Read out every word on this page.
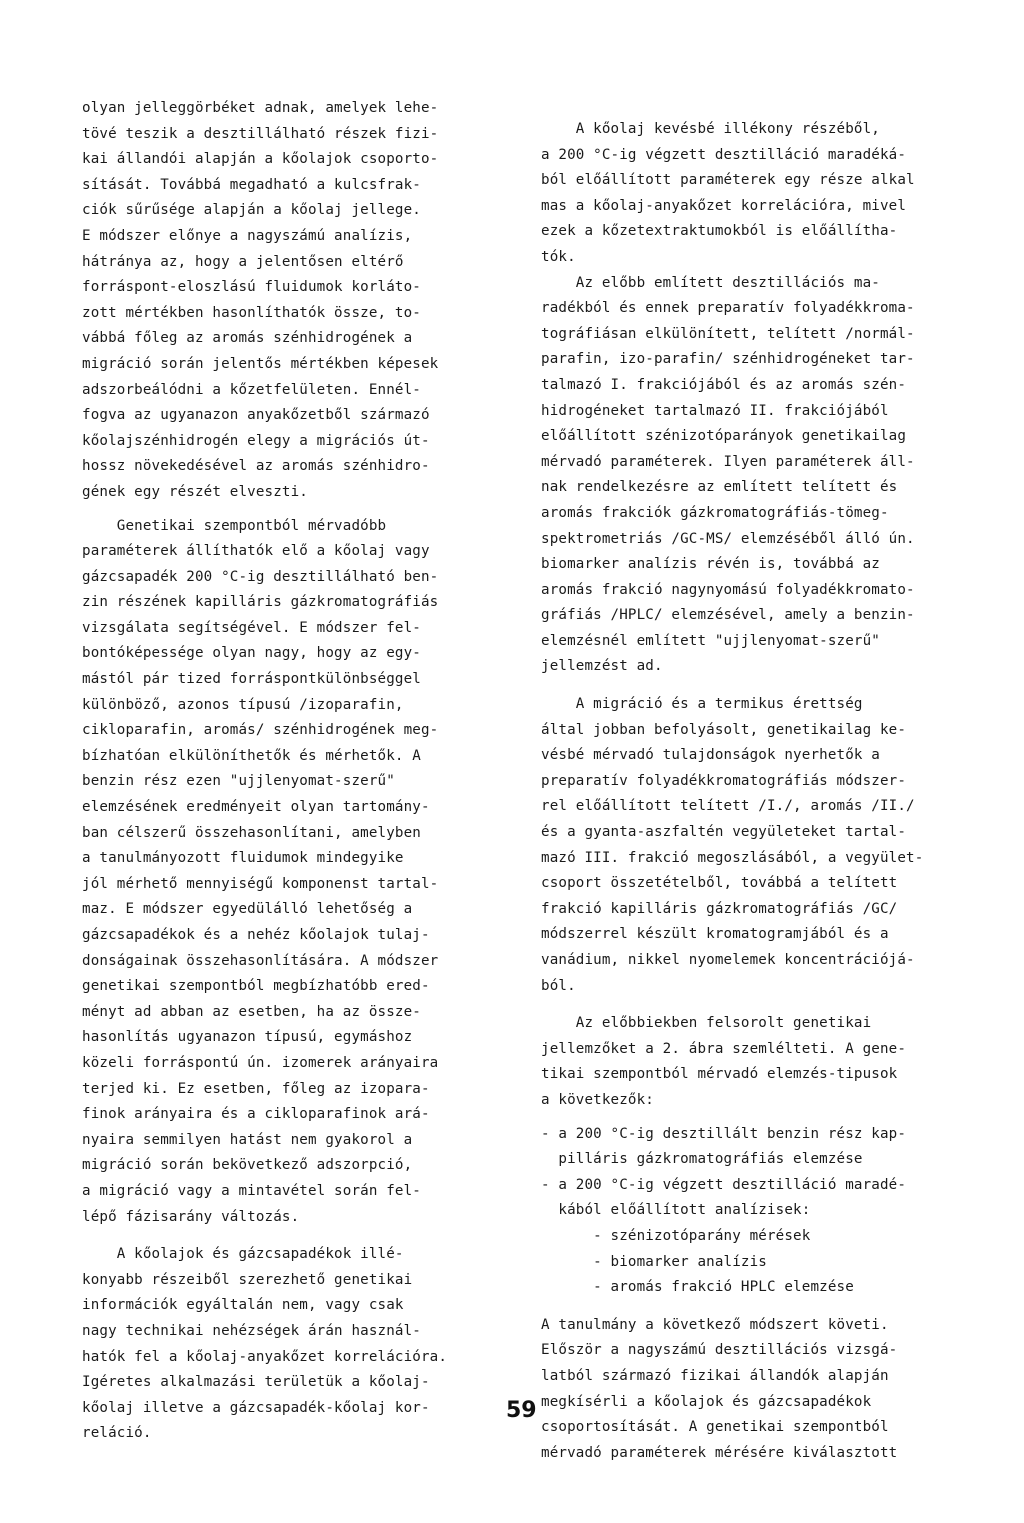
olyan jelleggörbéket adnak, amelyek lehe-
tövé teszik a desztillálható részek fizi-
kai állandói alapján a kőolajok csoporto-
sítását. Továbbá megadható a kulcsfrak-
ciók sűrűsége alapján a kőolaj jellege.
E módszer előnye a nagyszámú analízis,
hátránya az, hogy a jelentősen eltérő
forráspont-eloszlású fluidumok korláto-
zott mértékben hasonlíthatók össze, to-
vábbá főleg az aromás szénhidrogének a
migráció során jelentős mértékben képesek
adszorbeálódni a kőzetfelületen. Ennél-
fogva az ugyanazon anyakőzetből származó
kőolajszénhidrogén elegy a migrációs út-
hossz növekedésével az aromás szénhidro-
gének egy részét elveszti.
Genetikai szempontból mérvadóbb
paraméterek állíthatók elő a kőolaj vagy
gázcsapadék 200 °C-ig desztillálható ben-
zin részének kapilláris gázkromatográfiás
vizsgálata segítségével. E módszer fel-
bontóképessége olyan nagy, hogy az egy-
mástól pár tized forráspontkülönbséggel
különböző, azonos típusú /izoparafin,
cikloparafin, aromás/ szénhidrogének meg-
bízhatóan elkülöníthetők és mérhetők. A
benzin rész ezen "ujjlenyomat-szerű"
elemzésének eredményeit olyan tartomány-
ban célszerű összehasonlítani, amelyben
a tanulmányozott fluidumok mindegyike
jól mérhető mennyiségű komponenst tartal-
maz. E módszer egyedülálló lehetőség a
gázcsapadékok és a nehéz kőolajok tulaj-
donságainak összehasonlítására. A módszer
genetikai szempontból megbízhatóbb ered-
ményt ad abban az esetben, ha az össze-
hasonlítás ugyanazon típusú, egymáshoz
közeli forráspontú ún. izomerek arányaira
terjed ki. Ez esetben, főleg az izopara-
finok arányaira és a cikloparafinok ará-
nyaira semmilyen hatást nem gyakorol a
migráció során bekövetkező adszorpció,
a migráció vagy a mintavétel során fel-
lépő fázisarány változás.
A kőolajok és gázcsapadékok illé-
konyabb részeiből szerezhető genetikai
információk egyáltalán nem, vagy csak
nagy technikai nehézségek árán használ-
hatók fel a kőolaj-anyakőzet korrelációra.
Igéretes alkalmazási területük a kőolaj-
kőolaj illetve a gázcsapadék-kőolaj kor-
reláció.
A kőolaj kevésbé illékony részéből,
a 200 °C-ig végzett desztilláció maradéká-
ból előállított paraméterek egy része alkal
mas a kőolaj-anyakőzet korrelációra, mivel
ezek a kőzetextraktumokból is előállítha-
tók.
Az előbb említett desztillációs ma-
radékból és ennek preparatív folyadékkroma-
tográfiásan elkülönített, telített /normál-
parafin, izo-parafin/ szénhidrogéneket tar-
talmazó I. frakciójából és az aromás szén-
hidrogéneket tartalmazó II. frakciójából
előállított szénizotóparányok genetikailag
mérvadó paraméterek. Ilyen paraméterek áll-
nak rendelkezésre az említett telített és
aromás frakciók gázkromatográfiás-tömeg-
spektrometriás /GC-MS/ elemzéséből álló ún.
biomarker analízis révén is, továbbá az
aromás frakció nagynyomású folyadékkromato-
gráfiás /HPLC/ elemzésével, amely a benzin-
elemzésnél említett "ujjlenyomat-szerű"
jellemzést ad.
A migráció és a termikus érettség
által jobban befolyásolt, genetikailag ke-
vésbé mérvadó tulajdonságok nyerhetők a
preparatív folyadékkromatográfiás módszer-
rel előállított telített /I./, aromás /II./
és a gyanta-aszfaltén vegyületeket tartal-
mazó III. frakció megoszlásából, a vegyület-
csoport összetételből, továbbá a telített
frakció kapilláris gázkromatográfiás /GC/
módszerrel készült kromatogramjából és a
vanádium, nikkel nyomelemek koncentrációjá-
ból.
Az előbbiekben felsorolt genetikai
jellemzőket a 2. ábra szemlélteti. A gene-
tikai szempontból mérvadó elemzés-tipusok
a következők:
- a 200 °C-ig desztillált benzin rész kap-
pilláris gázkromatográfiás elemzése
- a 200 °C-ig végzett desztilláció maradé-
kából előállított analízisek:
- szénizotóparány mérések
- biomarker analízis
- aromás frakció HPLC elemzése
A tanulmány a következő módszert követi.
Először a nagyszámú desztillációs vizsgá-
latból származó fizikai állandók alapján
megkísérli a kőolajok és gázcsapadékok
csoportosítását. A genetikai szempontból
mérvadó paraméterek mérésére kiválasztott
59
